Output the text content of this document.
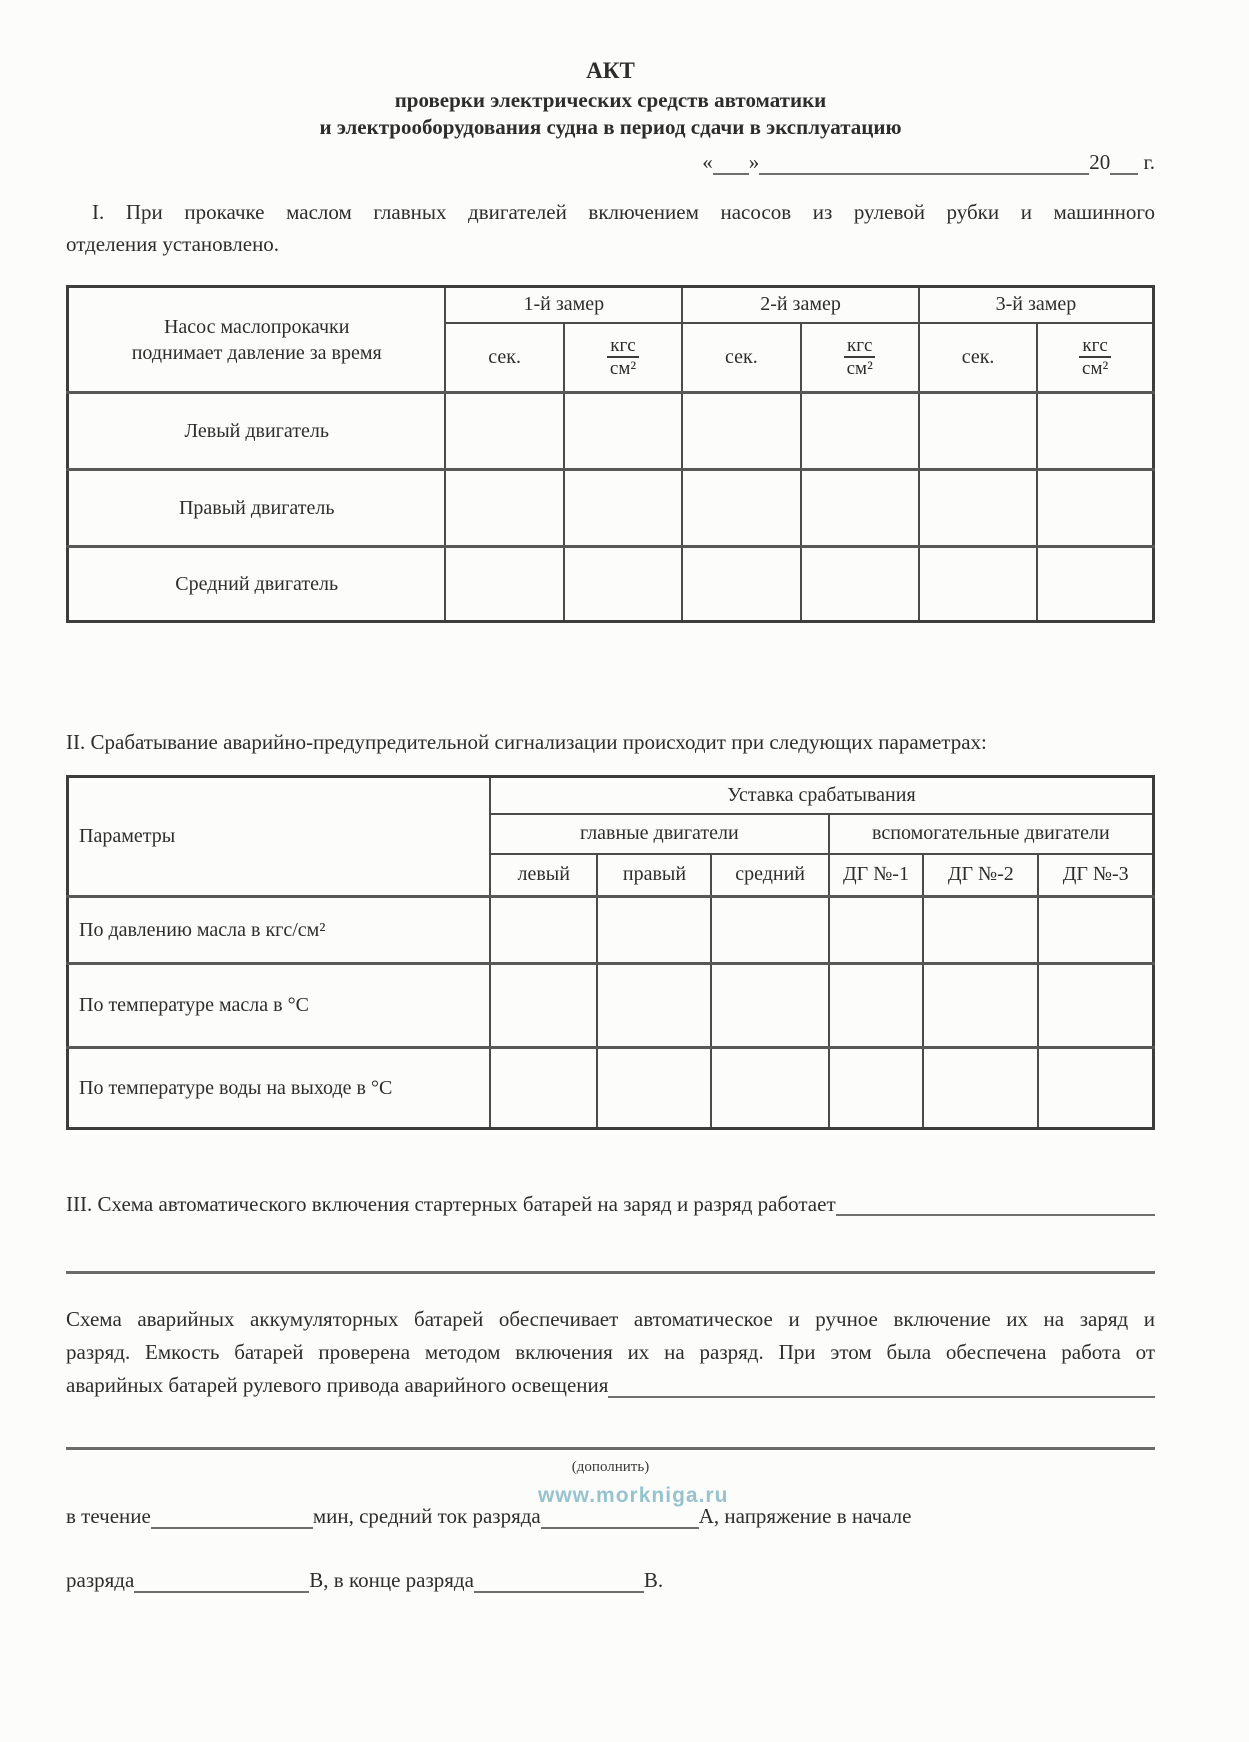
АКТ
проверки электрических средств автоматики
и электрооборудования судна в период сдачи в эксплуатацию
« »	20 г.
I. При прокачке маслом главных двигателей включением насосов из рулевой рубки и машинного
отделения установлено.
Насос маслопрокачки
поднимает давление за время	1-й замер		2-й замер		3-й замер	
	сек.	$\frac{\text{кгс}}{\text{см²}}$	сек.	$\frac{\text{кгс}}{\text{см²}}$	сек.	$\frac{\text{кгс}}{\text{см²}}$

Левый двигатель						
Правый двигатель						
Средний двигатель						
II. Срабатывание аварийно-предупредительной сигнализации происходит при следующих параметрах:
Параметры	Уставка срабатывания					
	главные двигатели			вспомогательные двигатели		
	левый	правый	средний	ДГ №-1	ДГ №-2	ДГ №-3
По давлению масла в кгс/см²						
По температуре масла в °С						
По температуре воды на выходе в °С						
III. Схема автоматического включения стартерных батарей на заряд и разряд работает
Схема аварийных аккумуляторных батарей обеспечивает автоматическое и ручное включение их на заряд и
разряд. Емкость батарей проверена методом включения их на разряд. При этом была обеспечена работа от
аварийных батарей рулевого привода аварийного освещения
(дополнить)
www.morkniga.ru
в течение	мин, средний ток разряда	А, напряжение в начале
разряда	В, в конце разряда	В.
